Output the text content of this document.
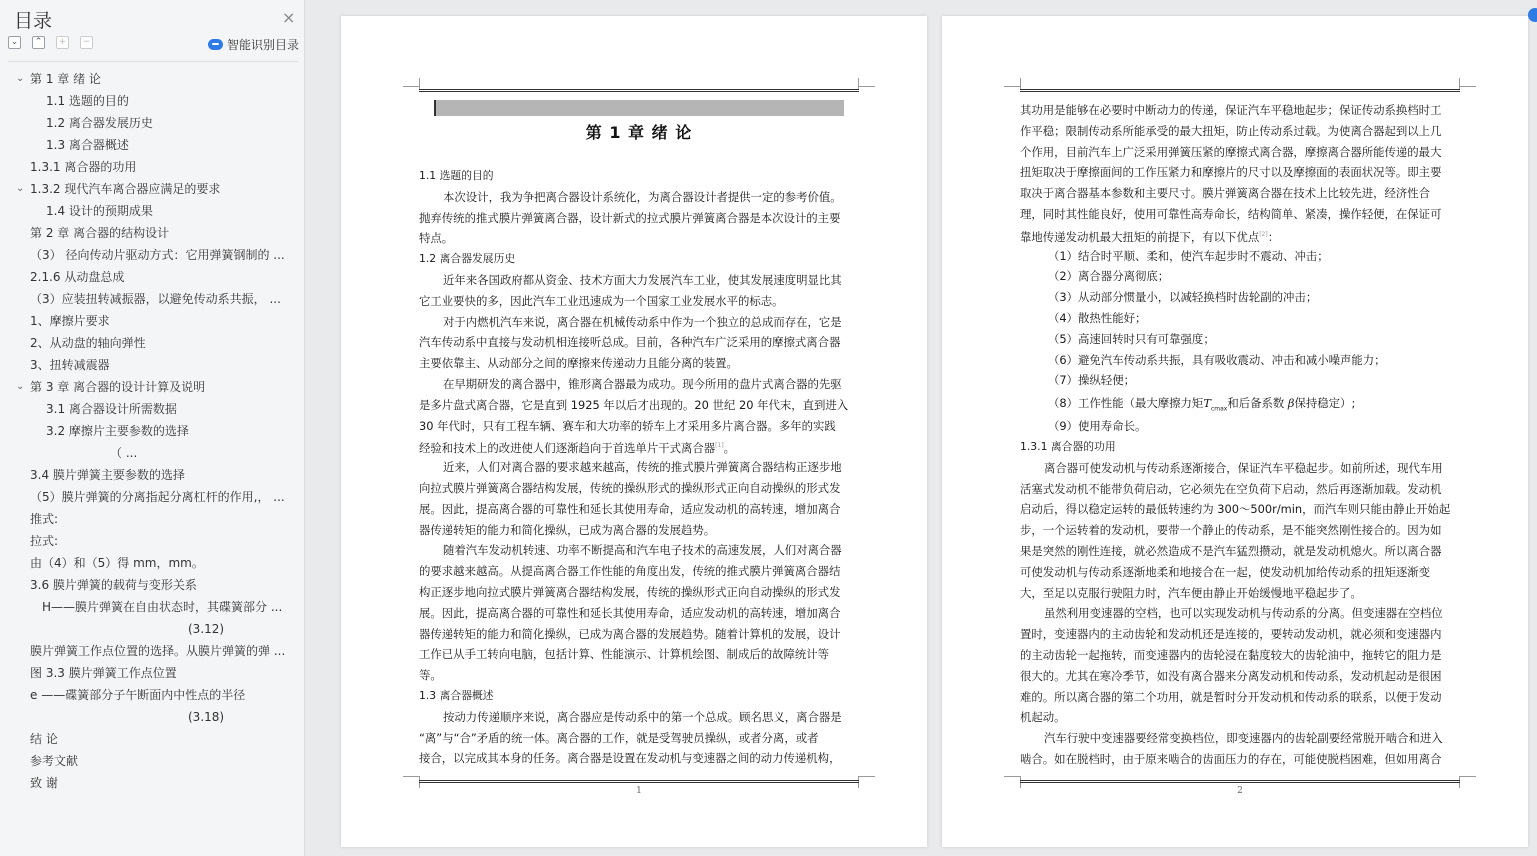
目录	×
⌄	⌃	+	−	智能识别目录
⌄ 第 1 章 绪 论
1.1 选题的目的
1.2 离合器发展历史
1.3 离合器概述
1.3.1 离合器的功用
⌄ 1.3.2 现代汽车离合器应满足的要求
1.4 设计的预期成果
第 2 章 离合器的结构设计
（3） 径向传动片驱动方式：它用弹簧钢制的 ...
2.1.6 从动盘总成
（3）应装扭转减振器，以避免传动系共振， ...
1、摩擦片要求
2、从动盘的轴向弹性
3、扭转减震器
⌄ 第 3 章 离合器的设计计算及说明
3.1 离合器设计所需数据
3.2 摩擦片主要参数的选择
（ ...
3.4 膜片弹簧主要参数的选择
（5）膜片弹簧的分离指起分离杠杆的作用,， ...
推式:
拉式:
由（4）和（5）得 mm，mm。
3.6 膜片弹簧的载荷与变形关系
H——膜片弹簧在自由状态时，其碟簧部分 ...
(3.12)
膜片弹簧工作点位置的选择。从膜片弹簧的弹 ...
图 3.3 膜片弹簧工作点位置
e ——碟簧部分子午断面内中性点的半径
(3.18)
结 论
参考文献
致 谢
第 1 章 绪 论

1.1 选题的目的

本次设计，我为争把离合器设计系统化，为离合器设计者提供一定的参考价值。

抛弃传统的推式膜片弹簧离合器，设计新式的拉式膜片弹簧离合器是本次设计的主要

特点。

1.2 离合器发展历史

近年来各国政府都从资金、技术方面大力发展汽车工业，使其发展速度明显比其

它工业要快的多，因此汽车工业迅速成为一个国家工业发展水平的标志。

对于内燃机汽车来说，离合器在机械传动系中作为一个独立的总成而存在，它是

汽车传动系中直接与发动机相连接听总成。目前，各种汽车广泛采用的摩擦式离合器

主要依靠主、从动部分之间的摩擦来传递动力且能分离的装置。

在早期研发的离合器中，锥形离合器最为成功。现今所用的盘片式离合器的先驱

是多片盘式离合器，它是直到 1925 年以后才出现的。20 世纪 20 年代末，直到进入

30 年代时，只有工程车辆、赛车和大功率的轿车上才采用多片离合器。多年的实践

经验和技术上的改进使人们逐渐趋向于首选单片干式离合器[1]。

近来，人们对离合器的要求越来越高，传统的推式膜片弹簧离合器结构正逐步地

向拉式膜片弹簧离合器结构发展，传统的操纵形式的操纵形式正向自动操纵的形式发

展。因此，提高离合器的可靠性和延长其使用寿命，适应发动机的高转速，增加离合

器传递转矩的能力和简化操纵，已成为离合器的发展趋势。

随着汽车发动机转速、功率不断提高和汽车电子技术的高速发展，人们对离合器

的要求越来越高。从提高离合器工作性能的角度出发，传统的推式膜片弹簧离合器结

构正逐步地向拉式膜片弹簧离合器结构发展，传统的操纵形式正向自动操纵的形式发

展。因此，提高离合器的可靠性和延长其使用寿命，适应发动机的高转速，增加离合

器传递转矩的能力和简化操纵，已成为离合器的发展趋势。随着计算机的发展，设计

工作已从手工转向电脑，包括计算、性能演示、计算机绘图、制成后的故障统计等

等。

1.3 离合器概述

按动力传递顺序来说，离合器应是传动系中的第一个总成。顾名思义，离合器是

“离”与“合”矛盾的统一体。离合器的工作，就是受驾驶员操纵，或者分离，或者

接合，以完成其本身的任务。离合器是设置在发动机与变速器之间的动力传递机构，

1

其功用是能够在必要时中断动力的传递，保证汽车平稳地起步；保证传动系换档时工

作平稳；限制传动系所能承受的最大扭矩，防止传动系过载。为使离合器起到以上几

个作用，目前汽车上广泛采用弹簧压紧的摩擦式离合器，摩擦离合器所能传递的最大

扭矩取决于摩擦面间的工作压紧力和摩擦片的尺寸以及摩擦面的表面状况等。即主要

取决于离合器基本参数和主要尺寸。膜片弹簧离合器在技术上比较先进，经济性合

理，同时其性能良好，使用可靠性高寿命长，结构简单、紧凑，操作轻便，在保证可

靠地传递发动机最大扭矩的前提下，有以下优点[2]：

（1）结合时平顺、柔和，使汽车起步时不震动、冲击；

（2）离合器分离彻底；

（3）从动部分惯量小，以减轻换档时齿轮副的冲击；

（4）散热性能好；

（5）高速回转时只有可靠强度；

（6）避免汽车传动系共振，具有吸收震动、冲击和减小噪声能力；

（7）操纵轻便；

（8）工作性能（最大摩擦力矩$T_{cmax}$和后备系数 β保持稳定）;

（9）使用寿命长。

1.3.1 离合器的功用

离合器可使发动机与传动系逐渐接合，保证汽车平稳起步。如前所述，现代车用

活塞式发动机不能带负荷启动，它必须先在空负荷下启动，然后再逐渐加载。发动机

启动后，得以稳定运转的最低转速约为 300～500r/min，而汽车则只能由静止开始起

步，一个运转着的发动机，要带一个静止的传动系，是不能突然刚性接合的。因为如

果是突然的刚性连接，就必然造成不是汽车猛烈攒动，就是发动机熄火。所以离合器

可使发动机与传动系逐渐地柔和地接合在一起，使发动机加给传动系的扭矩逐渐变

大，至足以克服行驶阻力时，汽车便由静止开始缓慢地平稳起步了。

虽然利用变速器的空档，也可以实现发动机与传动系的分离。但变速器在空档位

置时，变速器内的主动齿轮和发动机还是连接的，要转动发动机，就必须和变速器内

的主动齿轮一起拖转，而变速器内的齿轮浸在黏度较大的齿轮油中，拖转它的阻力是

很大的。尤其在寒冷季节，如没有离合器来分离发动机和传动系，发动机起动是很困

难的。所以离合器的第二个功用，就是暂时分开发动机和传动系的联系，以便于发动

机起动。

汽车行驶中变速器要经常变换档位，即变速器内的齿轮副要经常脱开啮合和进入

啮合。如在脱档时，由于原来啮合的齿面压力的存在，可能使脱档困难，但如用离合

2
